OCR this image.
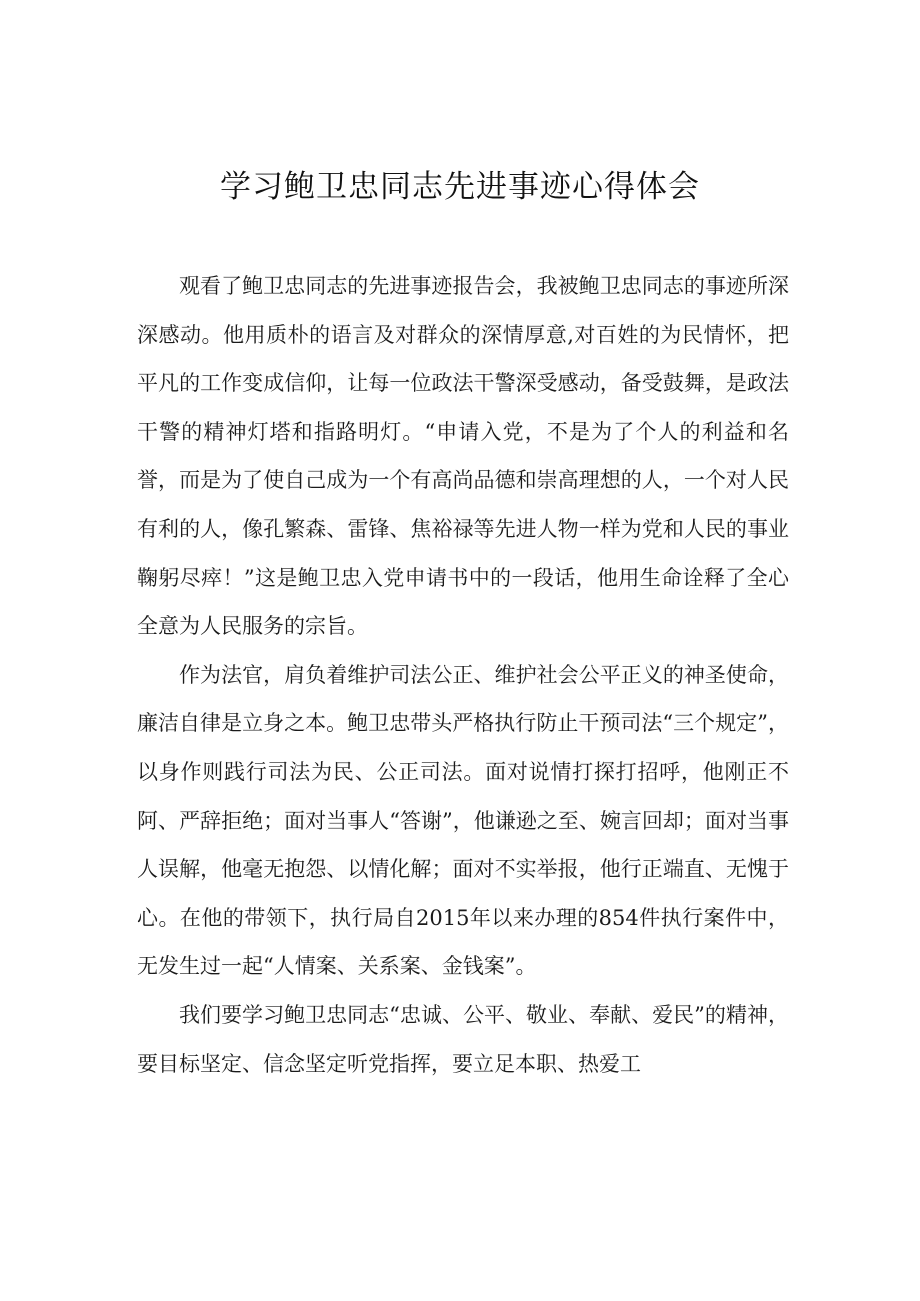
学习鲍卫忠同志先进事迹心得体会

观看了鲍卫忠同志的先进事迹报告会，我被鲍卫忠同志的事迹所深深感动。他用质朴的语言及对群众的深情厚意,对百姓的为民情怀，把平凡的工作变成信仰，让每一位政法干警深受感动，备受鼓舞，是政法干警的精神灯塔和指路明灯。“申请入党，不是为了个人的利益和名誉，而是为了使自己成为一个有高尚品德和崇高理想的人，一个对人民有利的人，像孔繁森、雷锋、焦裕禄等先进人物一样为党和人民的事业鞠躬尽瘁！”这是鲍卫忠入党申请书中的一段话，他用生命诠释了全心全意为人民服务的宗旨。

作为法官，肩负着维护司法公正、维护社会公平正义的神圣使命，廉洁自律是立身之本。鲍卫忠带头严格执行防止干预司法“三个规定”，以身作则践行司法为民、公正司法。面对说情打探打招呼，他刚正不阿、严辞拒绝；面对当事人“答谢”，他谦逊之至、婉言回却；面对当事人误解，他毫无抱怨、以情化解；面对不实举报，他行正端直、无愧于心。在他的带领下，执行局自2015年以来办理的854件执行案件中，无发生过一起“人情案、关系案、金钱案”。

我们要学习鲍卫忠同志“忠诚、公平、敬业、奉献、爱民”的精神，要目标坚定、信念坚定听党指挥，要立足本职、热爱工
